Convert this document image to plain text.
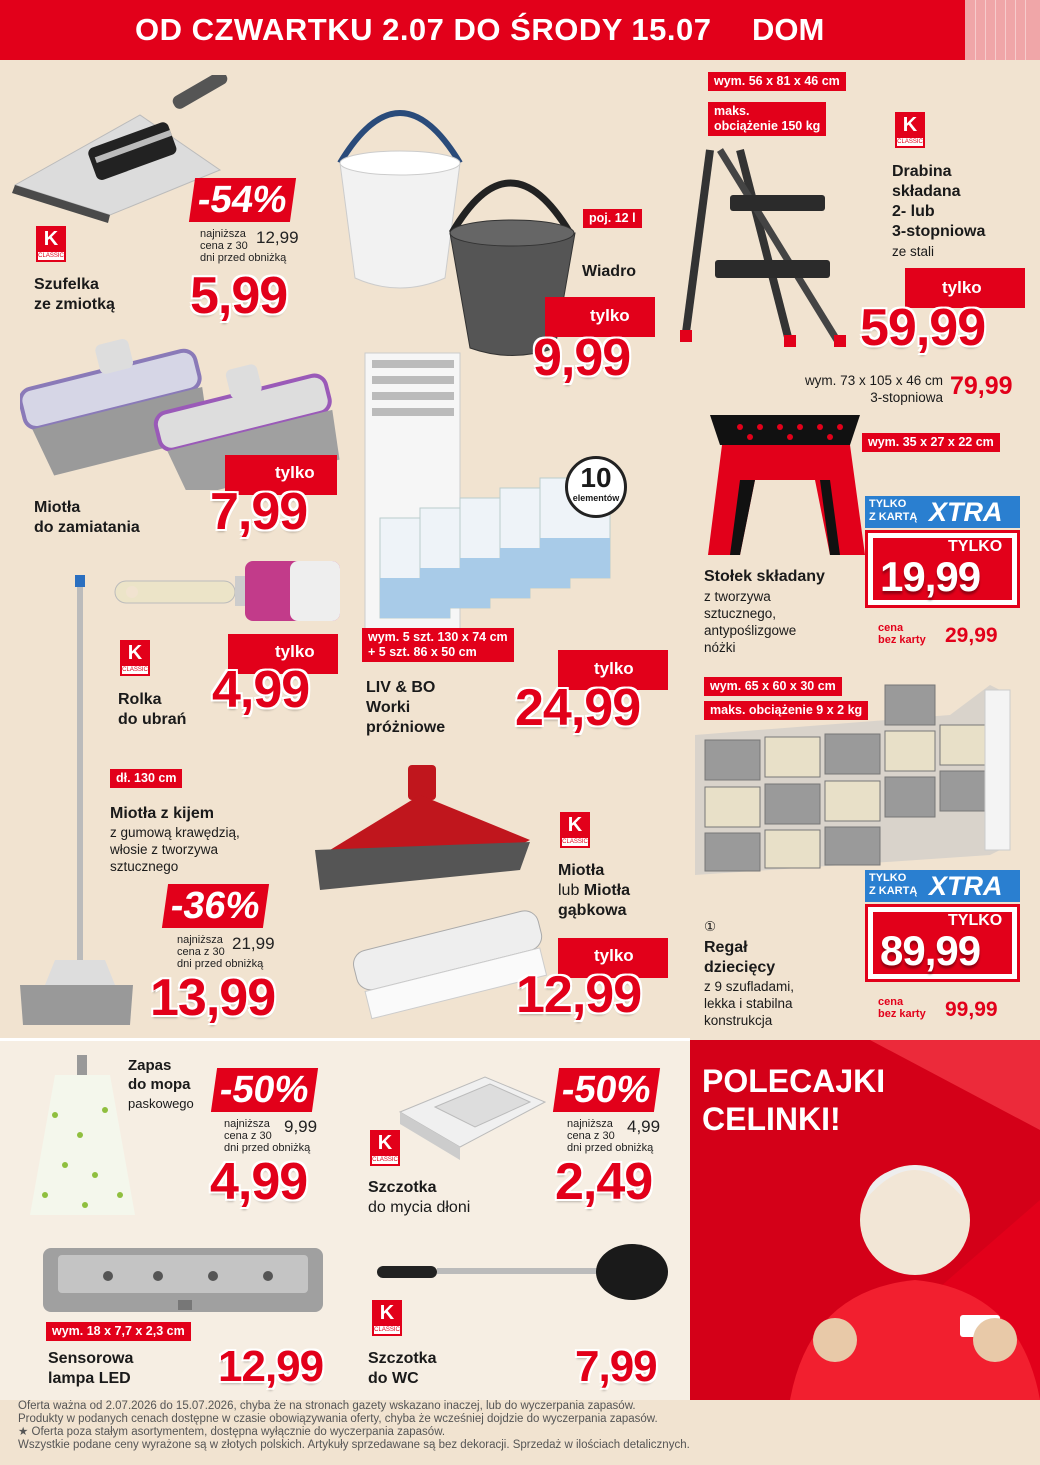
OD CZWARTKU 2.07 DO ŚRODY 15.07	DOM
-54%
najniższa
cena z 30
dni przed obniżką
12,99
5,99
K
CLASSIC
Szufelka
ze zmiotką
poj. 12 l
Wiadro
tylko
9,99
wym. 56 x 81 x 46 cm
maks.
obciążenie 150 kg	K
CLASSIC
Drabina
składana
2- lub
3-stopniowa
ze stali
tylko
59,99
wym. 73 x 105 x 46 cm
3-stopniowa 79,99
tylko
7,99
Miotła
do zamiatania
10
elementów
wym. 5 szt. 130 x 74 cm
+ 5 szt. 86 x 50 cm
LIV & BO
Worki
próżniowe
tylko
24,99
wym. 35 x 27 x 22 cm
TYLKO
Z KARTĄ XTRA
TYLKO
19,99
cena
bez karty 29,99
Stołek składany
z tworzywa
sztucznego,
antypoślizgowe
nóżki
K
CLASSIC
Rolka
do ubrań
tylko
4,99	wym. 65 x 60 x 30 cm
maks. obciążenie 9 x 2 kg
TYLKO
Z KARTĄ XTRA
TYLKO
89,99
cena
bez karty 99,99
①
Regał
dziecięcy
z 9 szufladami,
lekka i stabilna
konstrukcja
dł. 130 cm
Miotła z kijem
z gumową krawędzią,
włosie z tworzywa
sztucznego
-36%
najniższa
cena z 30
dni przed obniżką
21,99
13,99
K
CLASSIC
Miotła
lub Miotła
gąbkowa
tylko
12,99
Zapas
do mopa
paskowego -50%
najniższa
cena z 30
dni przed obniżką
9,99
4,99
-50%
najniższa
cena z 30
dni przed obniżką
4,99
2,49
K
CLASSIC
Szczotka
do mycia dłoni
POLECAJKI
CELINKI!
wym. 18 x 7,7 x 2,3 cm
Sensorowa
lampa LED 12,99
K
CLASSIC
Szczotka
do WC	7,99
Oferta ważna od 2.07.2026 do 15.07.2026, chyba że na stronach gazety wskazano inaczej, lub do wyczerpania zapasów.
Produkty w podanych cenach dostępne w czasie obowiązywania oferty, chyba że wcześniej dojdzie do wyczerpania zapasów.
★ Oferta poza stałym asortymentem, dostępna wyłącznie do wyczerpania zapasów.
Wszystkie podane ceny wyrażone są w złotych polskich. Artykuły sprzedawane są bez dekoracji. Sprzedaż w ilościach detalicznych.
